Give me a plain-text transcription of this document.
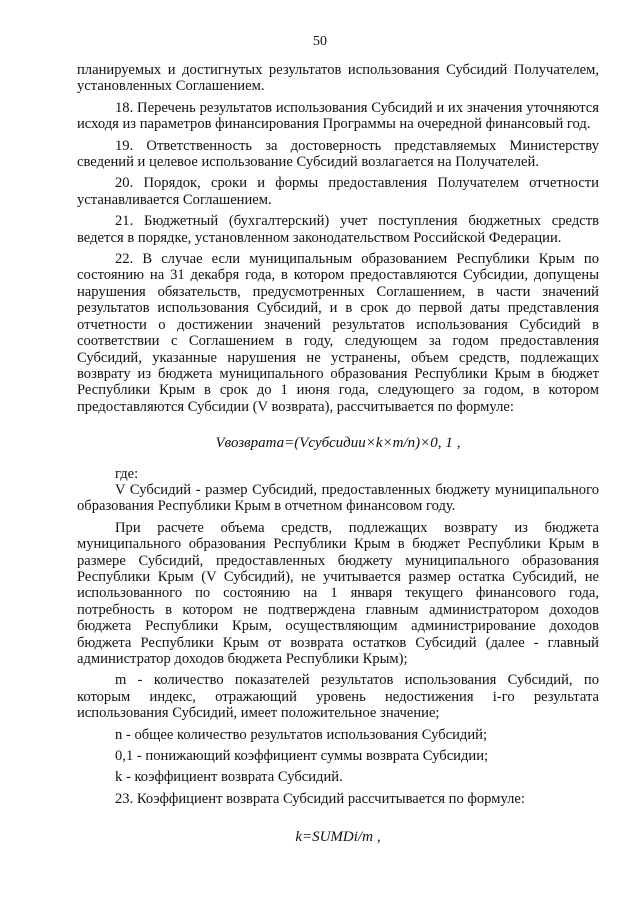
50

планируемых и достигнутых результатов использования Субсидий Получателем, установленных Соглашением.

18. Перечень результатов использования Субсидий и их значения уточняются исходя из параметров финансирования Программы на очередной финансовый год.

19. Ответственность за достоверность представляемых Министерству сведений и целевое использование Субсидий возлагается на Получателей.

20. Порядок, сроки и формы предоставления Получателем отчетности устанавливается Соглашением.

21. Бюджетный (бухгалтерский) учет поступления бюджетных средств ведется в порядке, установленном законодательством Российской Федерации.

22. В случае если муниципальным образованием Республики Крым по состоянию на 31 декабря года, в котором предоставляются Субсидии, допущены нарушения обязательств, предусмотренных Соглашением, в части значений результатов использования Субсидий, и в срок до первой даты представления отчетности о достижении значений результатов использования Субсидий в соответствии с Соглашением в году, следующем за годом предоставления Субсидий, указанные нарушения не устранены, объем средств, подлежащих возврату из бюджета муниципального образования Республики Крым в бюджет Республики Крым в срок до 1 июня года, следующего за годом, в котором предоставляются Субсидии (V возврата), рассчитывается по формуле:

Vвозврата=(Vсубсидии×k×m/n)×0, 1 ,

где:

V Субсидий - размер Субсидий, предоставленных бюджету муниципального образования Республики Крым в отчетном финансовом году.

При расчете объема средств, подлежащих возврату из бюджета муниципального образования Республики Крым в бюджет Республики Крым в размере Субсидий, предоставленных бюджету муниципального образования Республики Крым (V Субсидий), не учитывается размер остатка Субсидий, не использованного по состоянию на 1 января текущего финансового года, потребность в котором не подтверждена главным администратором доходов бюджета Республики Крым, осуществляющим администрирование доходов бюджета Республики Крым от возврата остатков Субсидий (далее - главный администратор доходов бюджета Республики Крым);

m - количество показателей результатов использования Субсидий, по которым индекс, отражающий уровень недостижения i-го результата использования Субсидий, имеет положительное значение;

n - общее количество результатов использования Субсидий;

0,1 - понижающий коэффициент суммы возврата Субсидии;

k - коэффициент возврата Субсидий.

23. Коэффициент возврата Субсидий рассчитывается по формуле:

k=SUMDi/m ,
